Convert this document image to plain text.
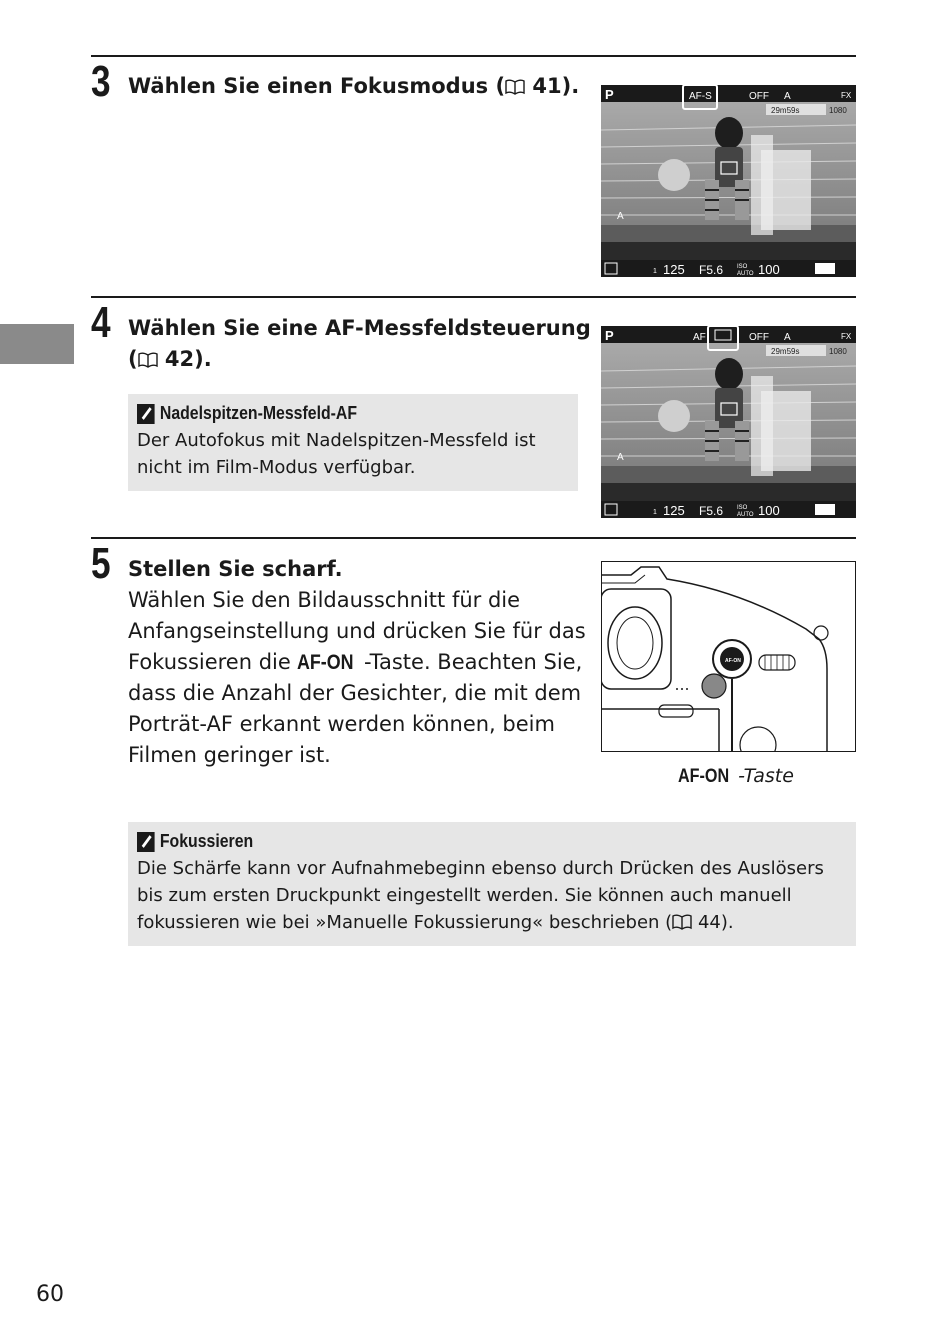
60
3 Wählen Sie einen Fokusmodus ( 41). P	AF-S	OFF A	FX
29m59s	1080
A
1 125 F5.6 ISO
AUTO 100
4 Wählen Sie eine AF-Messfeldsteuerung
( 42).
Nadelspitzen-Messfeld-AF
Der Autofokus mit Nadelspitzen-Messfeld ist nicht im Film-Modus verfügbar.
P	AF	OFF A	FX
29m59s	1080
A
1 125 F5.6 ISO
AUTO 100
5 Stellen Sie scharf.
Wählen Sie den Bildausschnitt für die Anfangseinstellung und drücken Sie für das Fokussieren die AF-ON -Taste. Beachten Sie, dass die Anzahl der Gesichter, die mit dem Porträt-AF erkannt werden können, beim Filmen geringer ist.
AF-ON
AF-ON -Taste
Fokussieren
Die Schärfe kann vor Aufnahmebeginn ebenso durch Drücken des Auslösers bis zum ersten Druckpunkt eingestellt werden. Sie können auch manuell fokussieren wie bei »Manuelle Fokussierung« beschrieben ( 44).
